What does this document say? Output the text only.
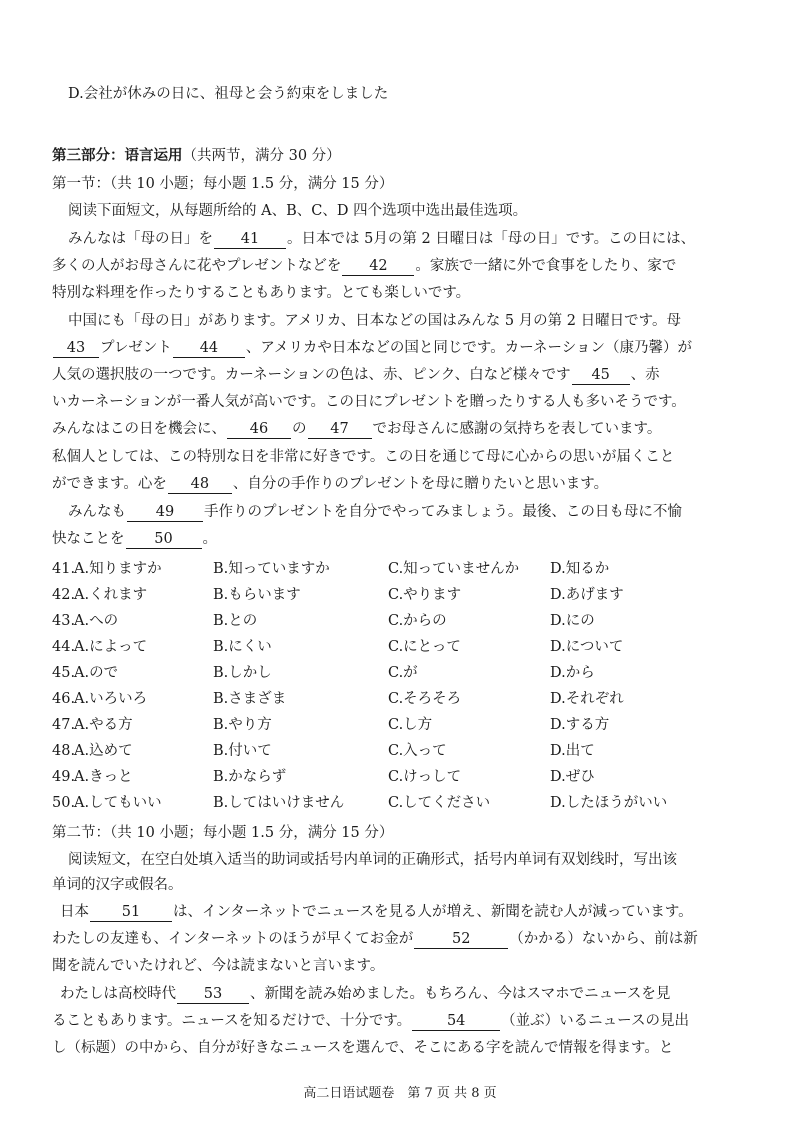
D.会社が休みの日に、祖母と会う約束をしました
第三部分：语言运用（共两节，满分 30 分）
第一节：（共 10 小题；每小题 1.5 分，满分 15 分）
阅读下面短文，从每题所给的 A、B、C、D 四个选项中选出最佳选项。
みんなは「母の日」を 41 。日本では 5月の第 2 日曜日は「母の日」です。この日には、
多くの人がお母さんに花やプレゼントなどを 42 。家族で一緒に外で食事をしたり、家で
特別な料理を作ったりすることもあります。とても楽しいです。
中国にも「母の日」があります。アメリカ、日本などの国はみんな 5 月の第 2 日曜日です。母
43 プレゼント 44 、アメリカや日本などの国と同じです。カーネーション（康乃馨）が
人気の選択肢の一つです。カーネーションの色は、赤、ピンク、白など様々です 45 、赤
いカーネーションが一番人気が高いです。この日にプレゼントを贈ったりする人も多いそうです。
みんなはこの日を機会に、 46 の 47 でお母さんに感謝の気持ちを表しています。
私個人としては、この特別な日を非常に好きです。この日を通じて母に心からの思いが届くこと
ができます。心を 48 、自分の手作りのプレゼントを母に贈りたいと思います。
みんなも 49 手作りのプレゼントを自分でやってみましょう。最後、この日も母に不愉
快なことを 50 。
41.
A.知りますか	B.知っていますか	C.知っていませんか D.知るか
42.
A.くれます	B.もらいます	C.やります	D.あげます
43.
A.への	B.との	C.からの	D.にの
44.
A.によって	B.にくい	C.にとって	D.について
45.
A.ので	B.しかし	C.が	D.から
46.
A.いろいろ	B.さまざま	C.そろそろ	D.それぞれ
47.
A.やる方	B.やり方	C.し方	D.する方
48.
A.込めて	B.付いて	C.入って	D.出て
49.
A.きっと	B.かならず	C.けっして	D.ぜひ
50.
A.してもいい	B.してはいけません	C.してください	D.したほうがいい
第二节：（共 10 小题；每小题 1.5 分，满分 15 分）
阅读短文，在空白处填入适当的助词或括号内单词的正确形式，括号内单词有双划线时，写出该
单词的汉字或假名。
日本 51 は、インターネットでニュースを見る人が増え、新聞を読む人が減っています。
わたしの友達も、インターネットのほうが早くてお金が	52	（かかる）ないから、前は新
聞を読んでいたけれど、今は読まないと言います。
わたしは高校時代 53 、新聞を読み始めました。もちろん、今はスマホでニュースを見
ることもあります。ニュースを知るだけで、十分です。 54 （並ぶ）いるニュースの見出
し（标题）の中から、自分が好きなニュースを選んで、そこにある字を読んで情報を得ます。と
高二日语试题卷　第 7 页 共 8 页
